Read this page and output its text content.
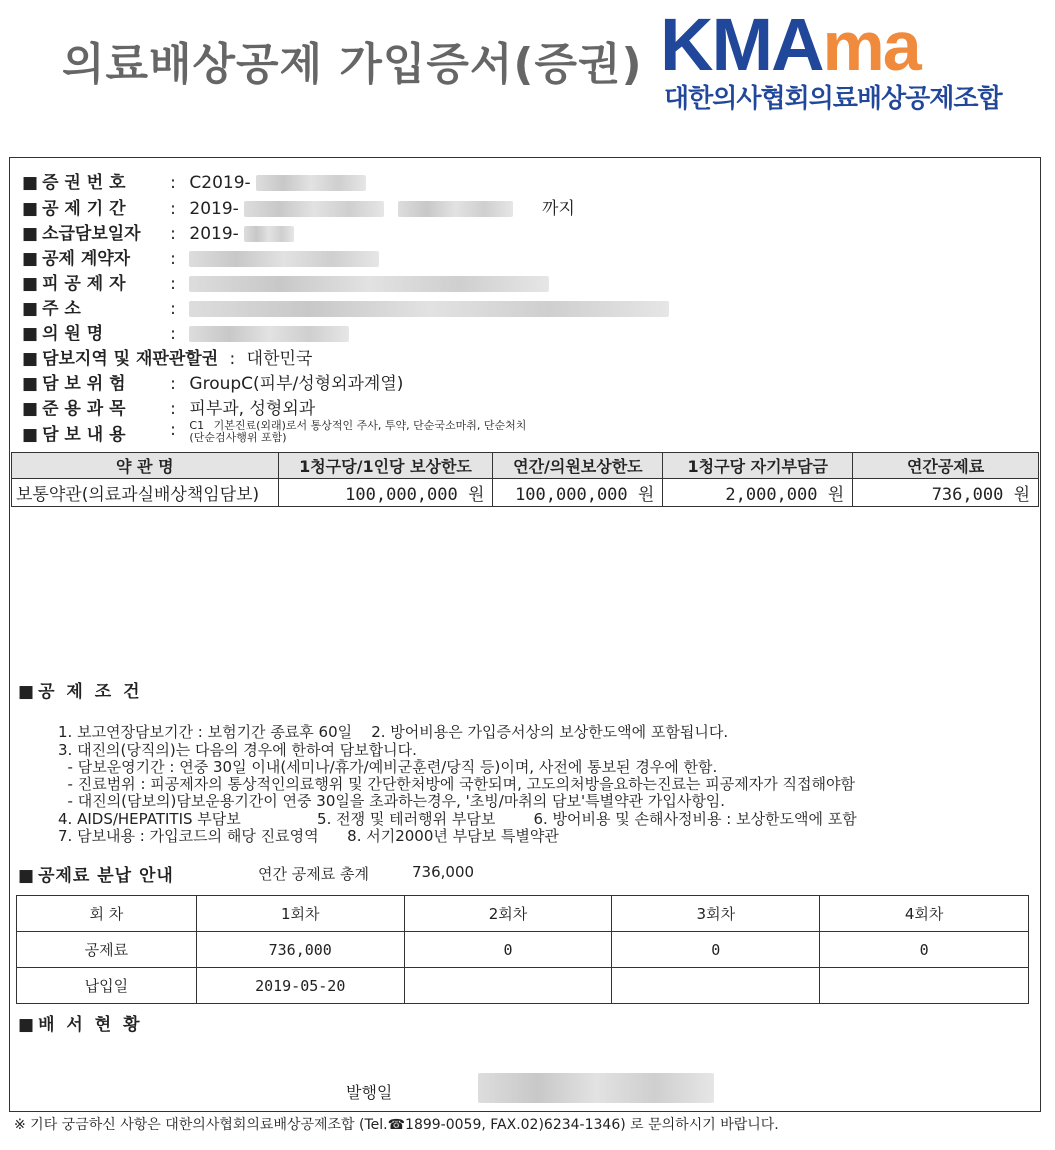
의료배상공제 가입증서(증권) KMAma
대한의사협회의료배상공제조합
■ 증 권 번 호	: C2019-
■ 공 제 기 간	: 2019-	까지
■ 소급담보일자 : 2019-
■ 공제 계약자 :
■ 피 공 제 자	:
■ 주 소	:
■ 의 원 명	:
■ 담보지역 및 재판관할권 : 대한민국
■ 담 보 위 험	: GroupC(피부/성형외과계열)
■ 준 용 과 목	: 피부과, 성형외과
■ 담 보 내 용	: C1 기본진료(외래)로서 통상적인 주사, 투약, 단순국소마취, 단순처치
(단순검사행위 포함)
약 관 명	1청구당/1인당 보상한도	연간/의원보상한도	1청구당 자기부담금	연간공제료
보통약관(의료과실배상책임담보)	100,000,000 원	100,000,000 원	2,000,000 원	736,000 원
■ 공 제 조 건
1. 보고연장담보기간 : 보험기간 종료후 60일    2. 방어비용은 가입증서상의 보상한도액에 포함됩니다.
3. 대진의(당직의)는 다음의 경우에 한하여 담보합니다.
- 담보운영기간 : 연중 30일 이내(세미나/휴가/예비군훈련/당직 등)이며, 사전에 통보된 경우에 한함.
- 진료범위 : 피공제자의 통상적인의료행위 및 간단한처방에 국한되며, 고도의처방을요하는진료는 피공제자가 직접해야함
- 대진의(담보의)담보운용기간이 연중 30일을 초과하는경우, '초빙/마취의 담보'특별약관 가입사항임.
4. AIDS/HEPATITIS 부담보                5. 전쟁 및 테러행위 부담보        6. 방어비용 및 손해사정비용 : 보상한도액에 포함
7. 담보내용 : 가입코드의 해당 진료영역      8. 서기2000년 부담보 특별약관
■ 공제료 분납 안내	연간 공제료 총계	736,000
회 차	1회차	2회차	3회차	4회차
공제료	736,000	0	0	0
납입일	2019-05-20			
■ 배 서 현 황
발행일
※ 기타 궁금하신 사항은 대한의사협회의료배상공제조합 (Tel.☎1899-0059, FAX.02)6234-1346) 로 문의하시기 바랍니다.
